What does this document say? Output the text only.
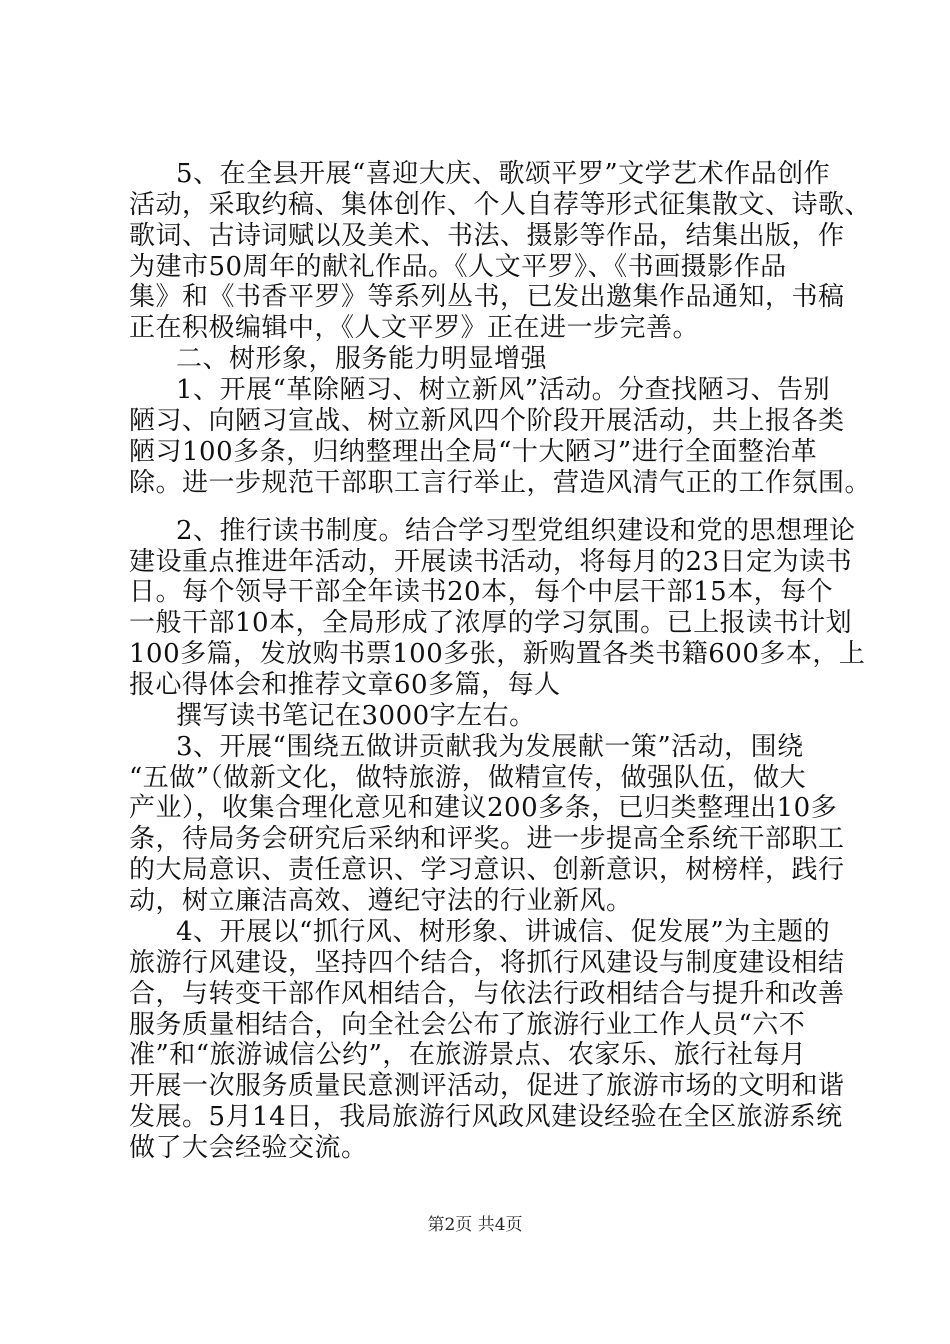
5、在全县开展“喜迎大庆、歌颂平罗”文学艺术作品创作
活动，采取约稿、集体创作、个人自荐等形式征集散文、诗歌、
歌词、古诗词赋以及美术、书法、摄影等作品，结集出版，作
为建市50周年的献礼作品。《人文平罗》、《书画摄影作品
集》和《书香平罗》等系列丛书，已发出邀集作品通知，书稿
正在积极编辑中，《人文平罗》正在进一步完善。
二、树形象，服务能力明显增强
1、开展“革除陋习、树立新风”活动。分查找陋习、告别
陋习、向陋习宣战、树立新风四个阶段开展活动，共上报各类
陋习100多条，归纳整理出全局“十大陋习”进行全面整治革
除。进一步规范干部职工言行举止，营造风清气正的工作氛围。
2、推行读书制度。结合学习型党组织建设和党的思想理论
建设重点推进年活动，开展读书活动，将每月的23日定为读书
日。每个领导干部全年读书20本，每个中层干部15本，每个
一般干部10本，全局形成了浓厚的学习氛围。已上报读书计划
100多篇，发放购书票100多张，新购置各类书籍600多本，上
报心得体会和推荐文章60多篇，每人
撰写读书笔记在3000字左右。
3、开展“围绕五做讲贡献我为发展献一策”活动，围绕
“五做”（做新文化，做特旅游，做精宣传，做强队伍，做大
产业），收集合理化意见和建议200多条，已归类整理出10多
条，待局务会研究后采纳和评奖。进一步提高全系统干部职工
的大局意识、责任意识、学习意识、创新意识，树榜样，践行
动，树立廉洁高效、遵纪守法的行业新风。
4、开展以“抓行风、树形象、讲诚信、促发展”为主题的
旅游行风建设，坚持四个结合，将抓行风建设与制度建设相结
合，与转变干部作风相结合，与依法行政相结合与提升和改善
服务质量相结合，向全社会公布了旅游行业工作人员“六不
准”和“旅游诚信公约”，在旅游景点、农家乐、旅行社每月
开展一次服务质量民意测评活动，促进了旅游市场的文明和谐
发展。5月14日，我局旅游行风政风建设经验在全区旅游系统
做了大会经验交流。
第2页 共4页
